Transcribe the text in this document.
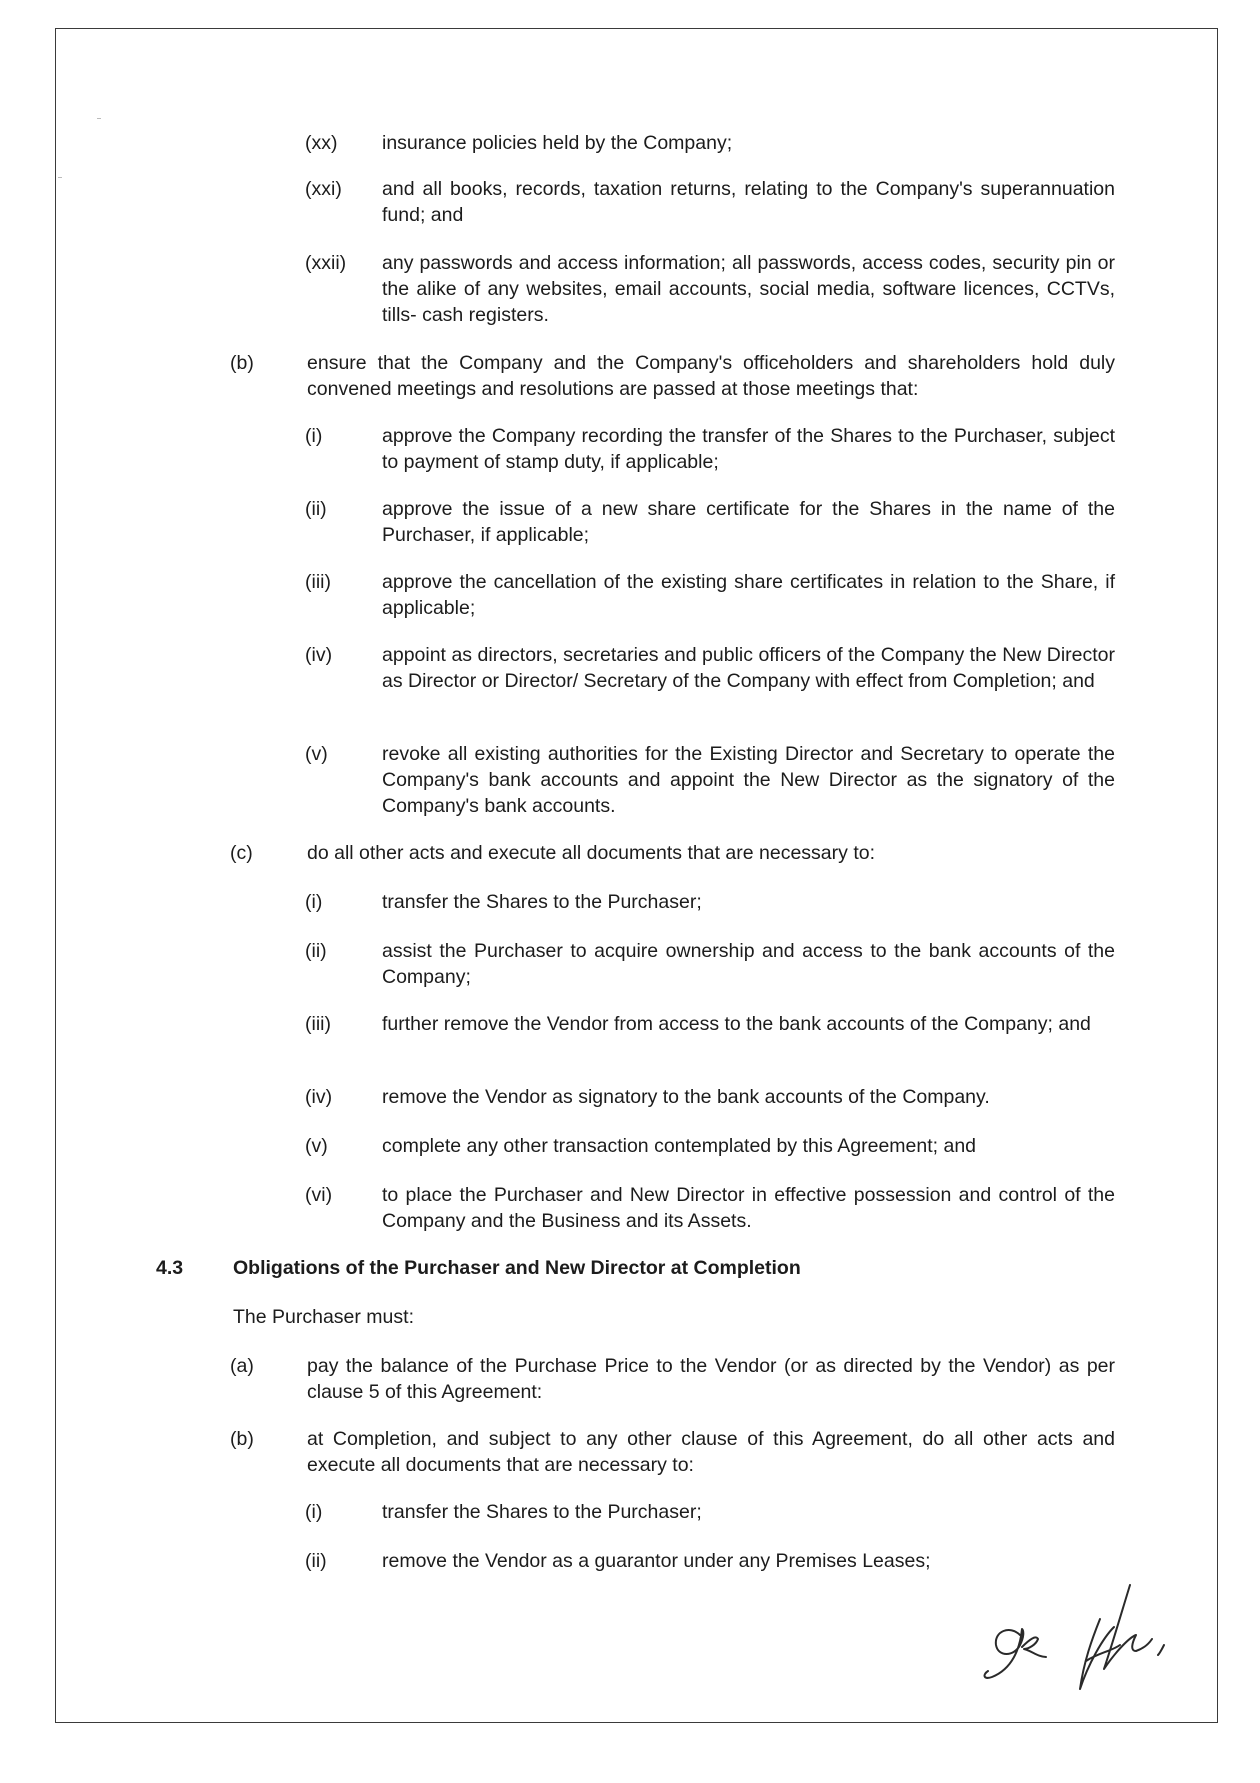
(xx) insurance policies held by the Company;
(xxi) and all books, records, taxation returns, relating to the Company's superannuation fund; and
(xxii) any passwords and access information; all passwords, access codes, security pin or the alike of any websites, email accounts, social media, software licences, CCTVs, tills- cash registers.
(b)	ensure that the Company and the Company's officeholders and shareholders hold duly convened meetings and resolutions are passed at those meetings that:
(i)	approve the Company recording the transfer of the Shares to the Purchaser, subject to payment of stamp duty, if applicable;
(ii)	approve the issue of a new share certificate for the Shares in the name of the Purchaser, if applicable;
(iii)	approve the cancellation of the existing share certificates in relation to the Share, if applicable;
(iv)	appoint as directors, secretaries and public officers of the Company the New Director as Director or Director/ Secretary of the Company with effect from Completion; and
(v)	revoke all existing authorities for the Existing Director and Secretary to operate the Company's bank accounts and appoint the New Director as the signatory of the Company's bank accounts.
(c)	do all other acts and execute all documents that are necessary to:
(i)	transfer the Shares to the Purchaser;
(ii)	assist the Purchaser to acquire ownership and access to the bank accounts of the Company;
(iii)	further remove the Vendor from access to the bank accounts of the Company; and
(iv)	remove the Vendor as signatory to the bank accounts of the Company.
(v)	complete any other transaction contemplated by this Agreement; and
(vi)	to place the Purchaser and New Director in effective possession and control of the Company and the Business and its Assets.
4.3	Obligations of the Purchaser and New Director at Completion
The Purchaser must:
(a)	pay the balance of the Purchase Price to the Vendor (or as directed by the Vendor) as per clause 5 of this Agreement:
(b)	at Completion, and subject to any other clause of this Agreement, do all other acts and execute all documents that are necessary to:
(i)	transfer the Shares to the Purchaser;
(ii)	remove the Vendor as a guarantor under any Premises Leases;
